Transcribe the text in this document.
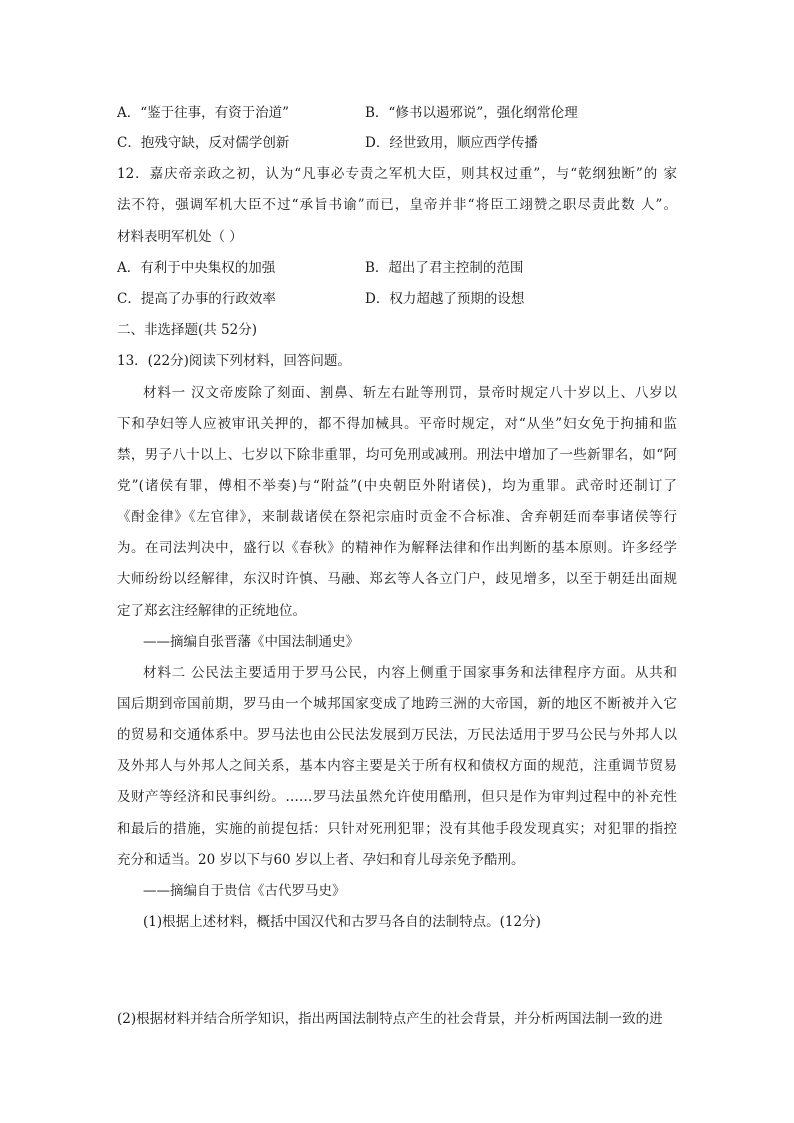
A．“鉴于往事，有资于治道”	B．“修书以遏邪说”，强化纲常伦理
C．抱残守缺，反对儒学创新	D．经世致用，顺应西学传播
12．嘉庆帝亲政之初，认为“凡事必专责之军机大臣，则其权过重”，与“乾纲独断”的 家
法不符，强调军机大臣不过“承旨书谕”而已，皇帝并非“将臣工翊赞之职尽责此数 人”。
材料表明军机处（ ）
A．有利于中央集权的加强	B．超出了君主控制的范围
C．提高了办事的行政效率	D．权力超越了预期的设想
二、非选择题(共 52分)
13．(22分)阅读下列材料，回答问题。
材料一 汉文帝废除了刻面、割鼻、斩左右趾等刑罚，景帝时规定八十岁以上、八岁以
下和孕妇等人应被审讯关押的，都不得加械具。平帝时规定，对“从坐”妇女免于拘捕和监
禁，男子八十以上、七岁以下除非重罪，均可免刑或减刑。刑法中增加了一些新罪名，如“阿
党”(诸侯有罪，傅相不举奏)与“附益”(中央朝臣外附诸侯)，均为重罪。武帝时还制订了
《酎金律》《左官律》，来制裁诸侯在祭祀宗庙时贡金不合标准、舍弃朝廷而奉事诸侯等行
为。在司法判决中，盛行以《春秋》的精神作为解释法律和作出判断的基本原则。许多经学
大师纷纷以经解律，东汉时许慎、马融、郑玄等人各立门户，歧见增多，以至于朝廷出面规
定了郑玄注经解律的正统地位。
——摘编自张晋藩《中国法制通史》
材料二 公民法主要适用于罗马公民，内容上侧重于国家事务和法律程序方面。从共和
国后期到帝国前期，罗马由一个城邦国家变成了地跨三洲的大帝国，新的地区不断被并入它
的贸易和交通体系中。罗马法也由公民法发展到万民法，万民法适用于罗马公民与外邦人以
及外邦人与外邦人之间关系，基本内容主要是关于所有权和债权方面的规范，注重调节贸易
及财产等经济和民事纠纷。……罗马法虽然允许使用酷刑，但只是作为审判过程中的补充性
和最后的措施，实施的前提包括：只针对死刑犯罪；没有其他手段发现真实；对犯罪的指控
充分和适当。20 岁以下与60 岁以上者、孕妇和育儿母亲免予酷刑。
——摘编自于贵信《古代罗马史》
(1)根据上述材料，概括中国汉代和古罗马各自的法制特点。(12分)
(2)根据材料并结合所学知识，指出两国法制特点产生的社会背景，并分析两国法制一致的进
